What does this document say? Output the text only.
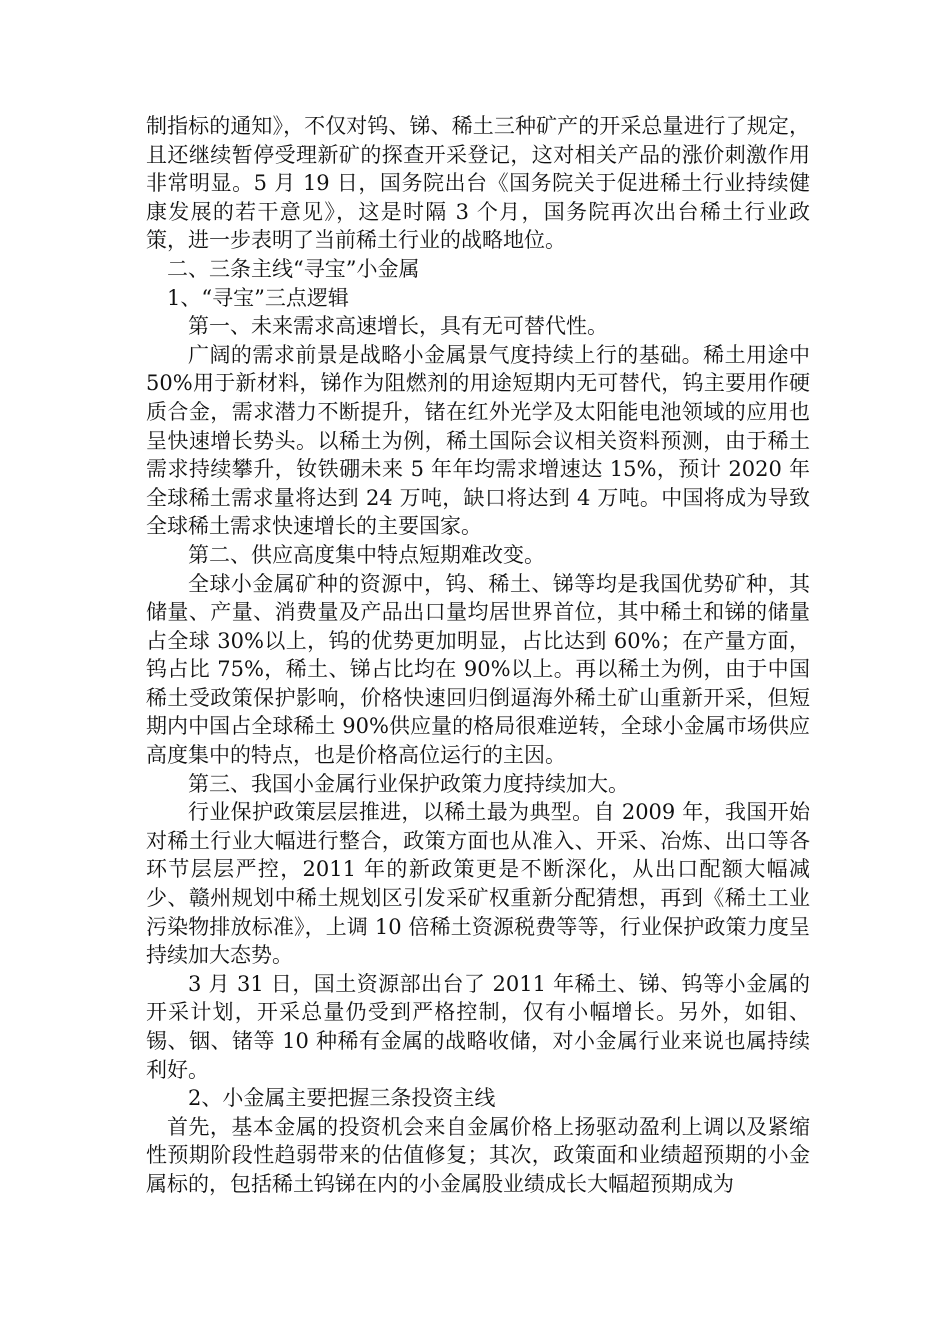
制指标的通知》，不仅对钨、锑、稀土三种矿产的开采总量进行了规定，且还继续暂停受理新矿的探查开采登记，这对相关产品的涨价刺激作用非常明显。5 月 19 日，国务院出台《国务院关于促进稀土行业持续健康发展的若干意见》，这是时隔 3 个月，国务院再次出台稀土行业政策，进一步表明了当前稀土行业的战略地位。

二、三条主线“寻宝”小金属

1、“寻宝”三点逻辑

第一、未来需求高速增长，具有无可替代性。

广阔的需求前景是战略小金属景气度持续上行的基础。稀土用途中 50%用于新材料，锑作为阻燃剂的用途短期内无可替代，钨主要用作硬质合金，需求潜力不断提升，锗在红外光学及太阳能电池领域的应用也呈快速增长势头。以稀土为例，稀土国际会议相关资料预测，由于稀土需求持续攀升，钕铁硼未来 5 年年均需求增速达 15%，预计 2020 年全球稀土需求量将达到 24 万吨，缺口将达到 4 万吨。中国将成为导致全球稀土需求快速增长的主要国家。

第二、供应高度集中特点短期难改变。

全球小金属矿种的资源中，钨、稀土、锑等均是我国优势矿种，其储量、产量、消费量及产品出口量均居世界首位，其中稀土和锑的储量占全球 30%以上，钨的优势更加明显，占比达到 60%；在产量方面，钨占比 75%，稀土、锑占比均在 90%以上。再以稀土为例，由于中国稀土受政策保护影响，价格快速回归倒逼海外稀土矿山重新开采，但短期内中国占全球稀土 90%供应量的格局很难逆转，全球小金属市场供应高度集中的特点，也是价格高位运行的主因。

第三、我国小金属行业保护政策力度持续加大。

行业保护政策层层推进，以稀土最为典型。自 2009 年，我国开始对稀土行业大幅进行整合，政策方面也从准入、开采、冶炼、出口等各环节层层严控，2011 年的新政策更是不断深化，从出口配额大幅减少、赣州规划中稀土规划区引发采矿权重新分配猜想，再到《稀土工业污染物排放标准》，上调 10 倍稀土资源税费等等，行业保护政策力度呈持续加大态势。

3 月 31 日，国土资源部出台了 2011 年稀土、锑、钨等小金属的开采计划，开采总量仍受到严格控制，仅有小幅增长。另外，如钼、锡、铟、锗等 10 种稀有金属的战略收储，对小金属行业来说也属持续利好。

2、小金属主要把握三条投资主线

首先，基本金属的投资机会来自金属价格上扬驱动盈利上调以及紧缩性预期阶段性趋弱带来的估值修复；其次，政策面和业绩超预期的小金属标的，包括稀土钨锑在内的小金属股业绩成长大幅超预期成为
